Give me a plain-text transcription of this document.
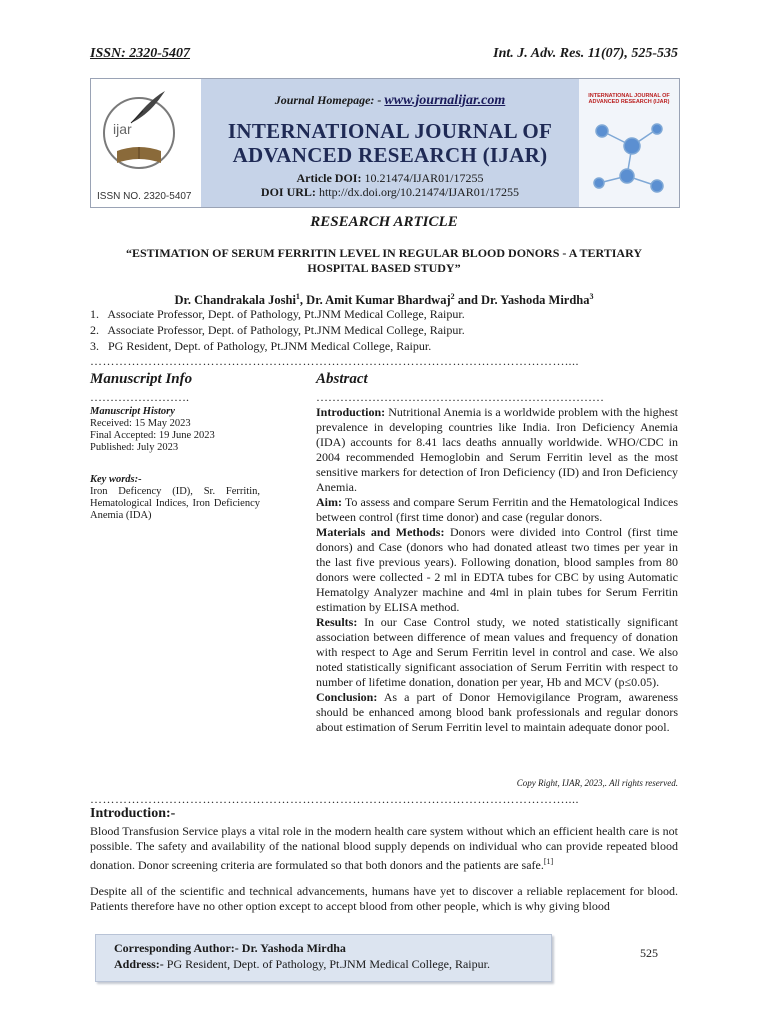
ISSN: 2320-5407	Int. J. Adv. Res. 11(07), 525-535
ijar
ISSN NO. 2320-5407
Journal Homepage: - www.journalijar.com
INTERNATIONAL JOURNAL OF
ADVANCED RESEARCH (IJAR)
Article DOI: 10.21474/IJAR01/17255
DOI URL: http://dx.doi.org/10.21474/IJAR01/17255
INTERNATIONAL JOURNAL OF ADVANCED RESEARCH (IJAR)
RESEARCH ARTICLE
“ESTIMATION OF SERUM FERRITIN LEVEL IN REGULAR BLOOD DONORS - A TERTIARY HOSPITAL BASED STUDY”
Dr. Chandrakala Joshi$^1$, Dr. Amit Kumar Bhardwaj$^2$ and Dr. Yashoda Mirdha$^3$
1.   Associate Professor, Dept. of Pathology, Pt.JNM Medical College, Raipur.
2.   Associate Professor, Dept. of Pathology, Pt.JNM Medical College, Raipur.
3.   PG Resident, Dept. of Pathology, Pt.JNM Medical College, Raipur.
……………………………………………………………………………………………………....
Manuscript Info
…………………….
Manuscript History
Received: 15 May 2023
Final Accepted: 19 June 2023
Published: July 2023
Key words:-
Iron Deficency (ID), Sr. Ferritin, Hematological Indices, Iron Deficiency Anemia (IDA)
Abstract
………………………………………………………………

Introduction: Nutritional Anemia is a worldwide problem with the highest prevalence in developing countries like India. Iron Deficiency Anemia (IDA) accounts for 8.41 lacs deaths annually worldwide. WHO/CDC in 2004 recommended Hemoglobin and Serum Ferritin level as the most sensitive markers for detection of Iron Deficiency (ID) and Iron Deficiency Anemia.

Aim: To assess and compare Serum Ferritin and the Hematological Indices between control (first time donor) and case (regular donors.

Materials and Methods: Donors were divided into Control (first time donors) and Case (donors who had donated atleast two times per year in the last five previous years). Following donation, blood samples from 80 donors were collected - 2 ml in EDTA tubes for CBC by using Automatic Hematolgy Analyzer machine and 4ml in plain tubes for Serum Ferritin estimation by ELISA method.

Results: In our Case Control study, we noted statistically significant association between difference of mean values and frequency of donation with respect to Age and Serum Ferritin level in control and case. We also noted statistically significant association of Serum Ferritin with respect to number of lifetime donation, donation per year, Hb and MCV (p≤0.05).

Conclusion: As a part of Donor Hemovigilance Program, awareness should be enhanced among blood bank professionals and regular donors about estimation of Serum Ferritin level to maintain adequate donor pool.

Copy Right, IJAR, 2023,. All rights reserved.
……………………………………………………………………………………………………....
Introduction:-

Blood Transfusion Service plays a vital role in the modern health care system without which an efficient health care is not possible. The safety and availability of the national blood supply depends on individual who can provide repeated blood donation. Donor screening criteria are formulated so that both donors and the patients are safe.[1]

Despite all of the scientific and technical advancements, humans have yet to discover a reliable replacement for blood. Patients therefore have no other option except to accept blood from other people, which is why giving blood

Corresponding Author:- Dr. Yashoda Mirdha
Address:- PG Resident, Dept. of Pathology, Pt.JNM Medical College, Raipur.
525
